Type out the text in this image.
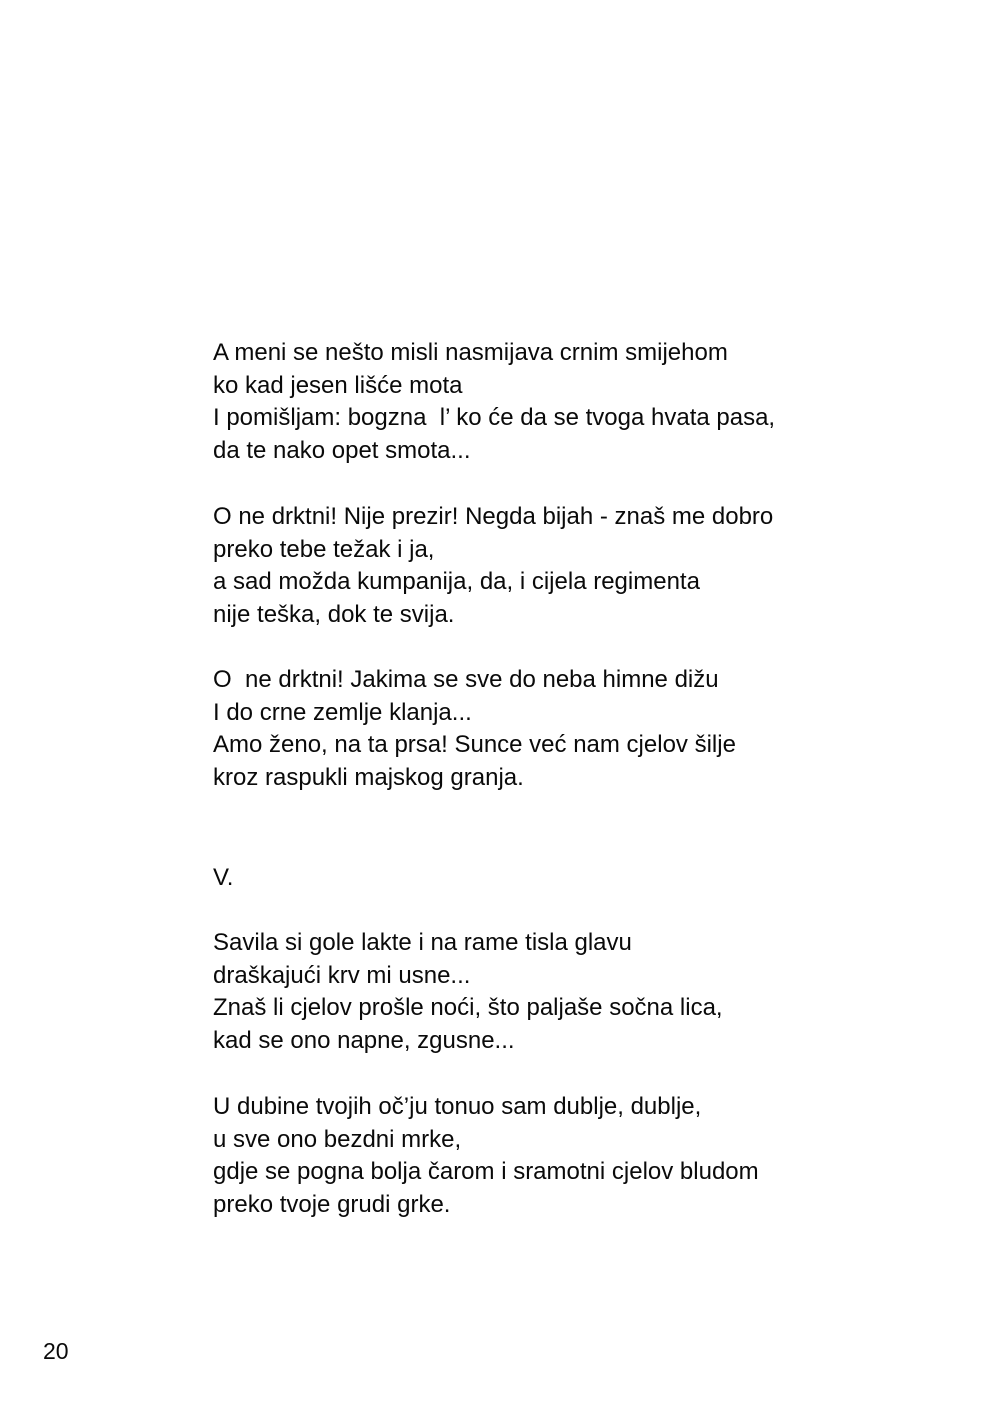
A meni se nešto misli nasmijava crnim smijehom
ko kad jesen lišće mota
I pomišljam: bogzna  l’ ko će da se tvoga hvata pasa,
da te nako opet smota...
O ne drktni! Nije prezir! Negda bijah - znaš me dobro
preko tebe težak i ja,
a sad možda kumpanija, da, i cijela regimenta
nije teška, dok te svija.
O  ne drktni! Jakima se sve do neba himne dižu
I do crne zemlje klanja...
Amo ženo, na ta prsa! Sunce već nam cjelov šilje
kroz raspukli majskog granja.
V.
Savila si gole lakte i na rame tisla glavu
draškajući krv mi usne...
Znaš li cjelov prošle noći, što paljaše sočna lica,
kad se ono napne, zgusne...
U dubine tvojih oč’ju tonuo sam dublje, dublje,
u sve ono bezdni mrke,
gdje se pogna bolja čarom i sramotni cjelov bludom
preko tvoje grudi grke.
20
